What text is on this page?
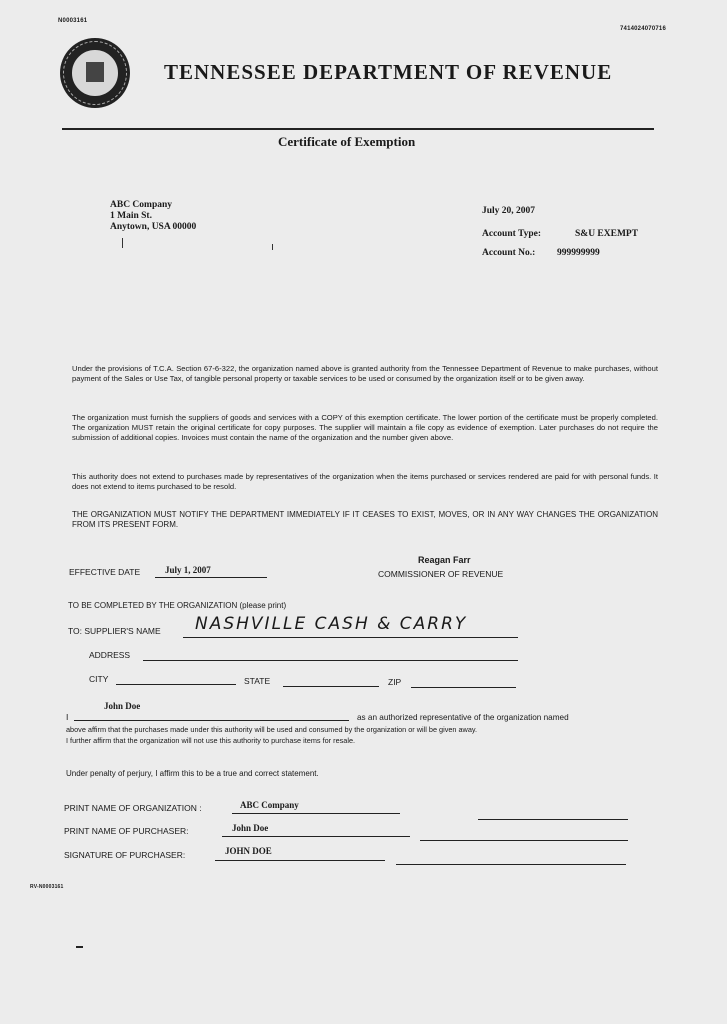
N0003161
7414024070716
TENNESSEE DEPARTMENT OF REVENUE
Certificate of Exemption
ABC Company
1 Main St.
Anytown, USA 00000
July 20, 2007
Account Type:	S&U EXEMPT
Account No.: 999999999
Under the provisions of T.C.A. Section 67-6-322, the organization named above is granted authority from the Tennessee Department of Revenue to make purchases, without payment of the Sales or Use Tax, of tangible personal property or taxable services to be used or consumed by the organization itself or to be given away.
The organization must furnish the suppliers of goods and services with a COPY of this exemption certificate. The lower portion of the certificate must be properly completed. The organization MUST retain the original certificate for copy purposes. The supplier will maintain a file copy as evidence of exemption. Later purchases do not require the submission of additional copies. Invoices must contain the name of the organization and the number given above.
This authority does not extend to purchases made by representatives of the organization when the items purchased or services rendered are paid for with personal funds. It does not extend to items purchased to be resold.
THE ORGANIZATION MUST NOTIFY THE DEPARTMENT IMMEDIATELY IF IT CEASES TO EXIST, MOVES, OR IN ANY WAY CHANGES THE ORGANIZATION FROM ITS PRESENT FORM.
EFFECTIVE DATE	July 1, 2007
Reagan Farr
COMMISSIONER OF REVENUE
TO BE COMPLETED BY THE ORGANIZATION (please print)
TO: SUPPLIER'S NAME NASHVILLE CASH & CARRY
ADDRESS
CITY	STATE	ZIP
I
John Doe
as an authorized representative of the organization named
above affirm that the purchases made under this authority will be used and consumed by the organization or will be given away.
I further affirm that the organization will not use this authority to purchase items for resale.
Under penalty of perjury, I affirm this to be a true and correct statement.
PRINT NAME OF ORGANIZATION :	ABC Company
PRINT NAME OF PURCHASER:	John Doe
SIGNATURE OF PURCHASER:	JOHN DOE
RV-N0003161
